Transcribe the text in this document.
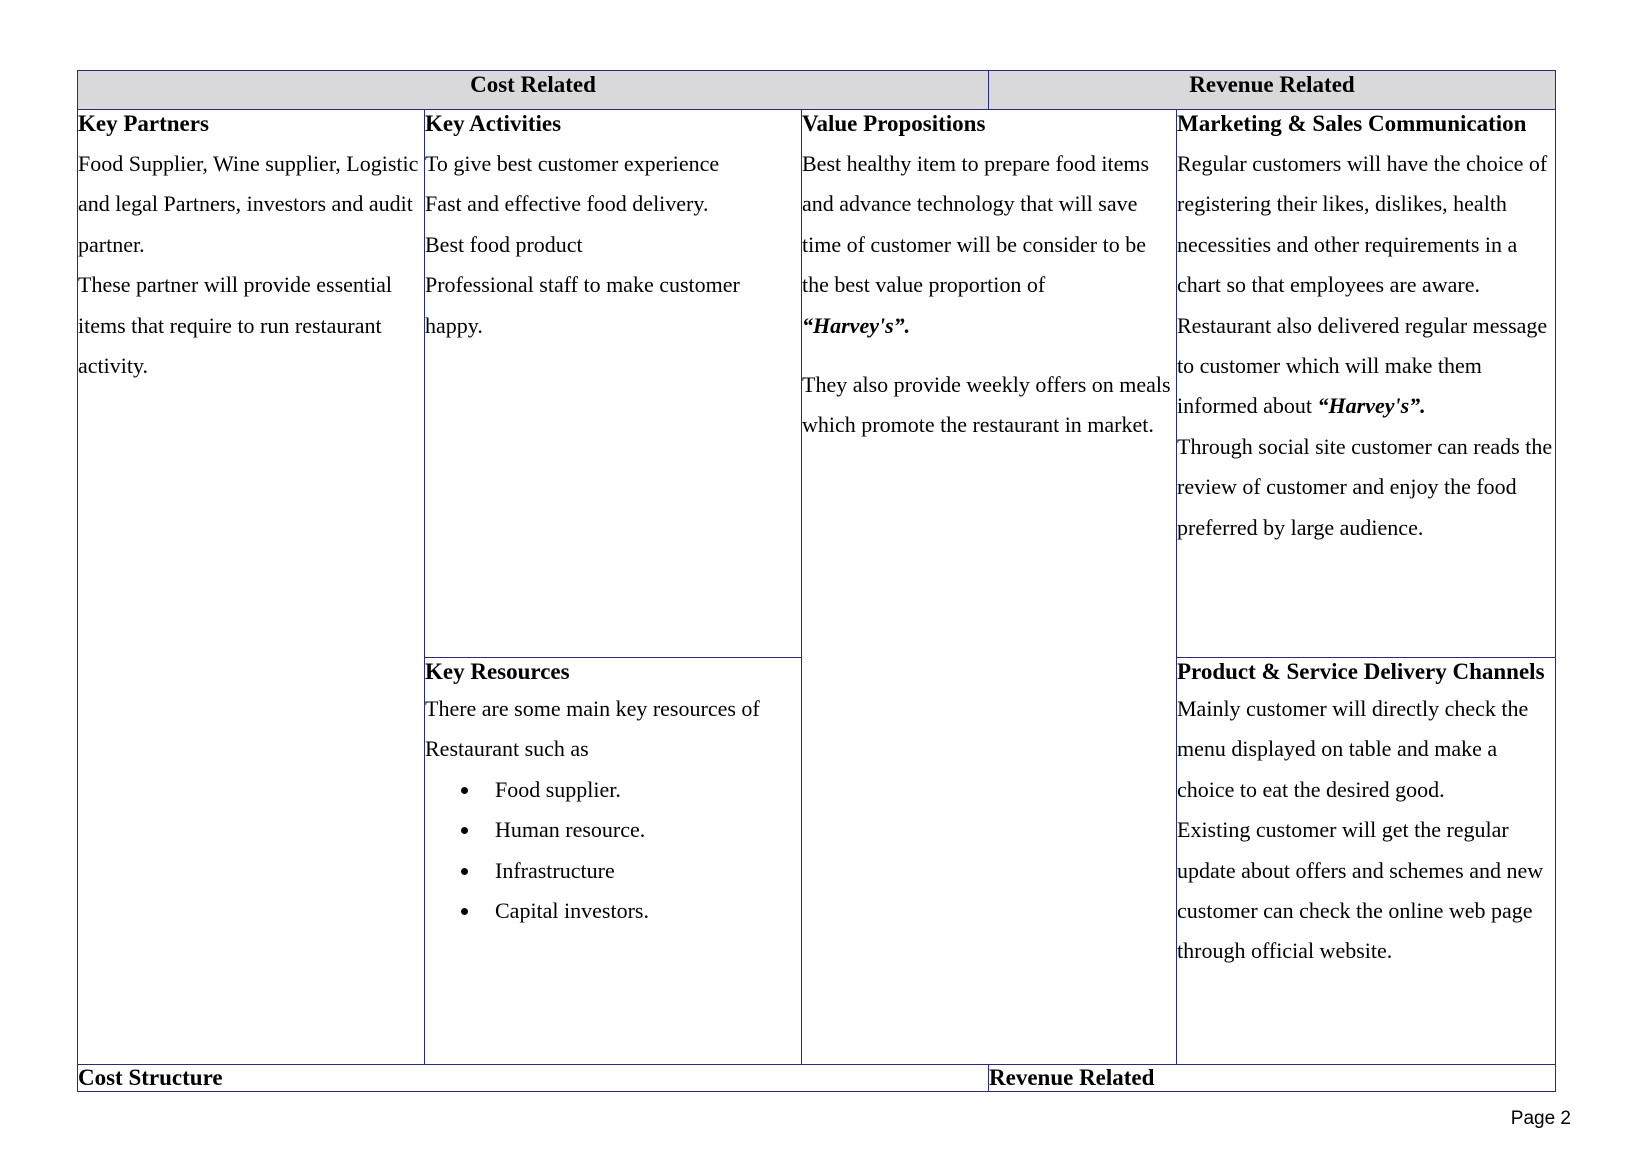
Cost Related	Revenue Related
Key Partners

Food Supplier, Wine supplier, Logistic and legal Partners, investors and audit partner.

These partner will provide essential items that require to run restaurant activity.

Key Activities

To give best customer experience

Fast and effective food delivery.

Best food product

Professional staff to make customer happy.

Key Resources

There are some main key resources of Restaurant such as

Food supplier.
Human resource.
Infrastructure
Capital investors.
Value Propositions

Best healthy item to prepare food items and advance technology that will save time of customer will be consider to be the best value proportion of
“Harvey's”.

They also provide weekly offers on meals which promote the restaurant in market.

Marketing & Sales Communication

Regular customers will have the choice of registering their likes, dislikes, health necessities and other requirements in a chart so that employees are aware.

Restaurant also delivered regular message to customer which will make them informed about “Harvey's”.

Through social site customer can reads the review of customer and enjoy the food preferred by large audience.

Product & Service Delivery Channels

Mainly customer will directly check the menu displayed on table and make a choice to eat the desired good.

Existing customer will get the regular update about offers and schemes and new customer can check the online web page through official website.

Cost Structure	Revenue Related
Page 2
